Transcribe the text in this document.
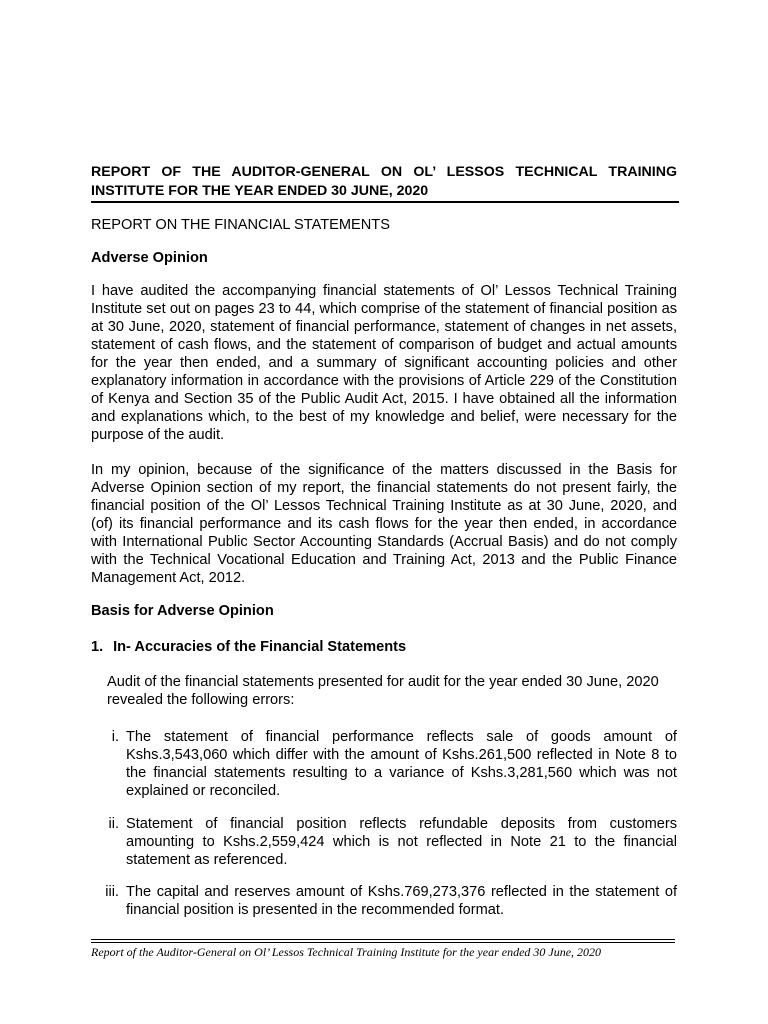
REPORT OF THE AUDITOR-GENERAL ON OL’ LESSOS TECHNICAL TRAINING INSTITUTE FOR THE YEAR ENDED 30 JUNE, 2020
REPORT ON THE FINANCIAL STATEMENTS
Adverse Opinion
I have audited the accompanying financial statements of Ol’ Lessos Technical Training Institute set out on pages 23 to 44, which comprise of the statement of financial position as at 30 June, 2020, statement of financial performance, statement of changes in net assets, statement of cash flows, and the statement of comparison of budget and actual amounts for the year then ended, and a summary of significant accounting policies and other explanatory information in accordance with the provisions of Article 229 of the Constitution of Kenya and Section 35 of the Public Audit Act, 2015. I have obtained all the information and explanations which, to the best of my knowledge and belief, were necessary for the purpose of the audit.
In my opinion, because of the significance of the matters discussed in the Basis for Adverse Opinion section of my report, the financial statements do not present fairly, the financial position of the Ol’ Lessos Technical Training Institute as at 30 June, 2020, and (of) its financial performance and its cash flows for the year then ended, in accordance with International Public Sector Accounting Standards (Accrual Basis) and do not comply with the Technical Vocational Education and Training Act, 2013 and the Public Finance Management Act, 2012.
Basis for Adverse Opinion
1. In- Accuracies of the Financial Statements
Audit of the financial statements presented for audit for the year ended 30 June, 2020 revealed the following errors:
i. The statement of financial performance reflects sale of goods amount of Kshs.3,543,060 which differ with the amount of Kshs.261,500 reflected in Note 8 to the financial statements resulting to a variance of Kshs.3,281,560 which was not explained or reconciled.
ii. Statement of financial position reflects refundable deposits from customers amounting to Kshs.2,559,424 which is not reflected in Note 21 to the financial statement as referenced.
iii. The capital and reserves amount of Kshs.769,273,376 reflected in the statement of financial position is presented in the recommended format.
Report of the Auditor-General on Ol’ Lessos Technical Training Institute for the year ended 30 June, 2020
